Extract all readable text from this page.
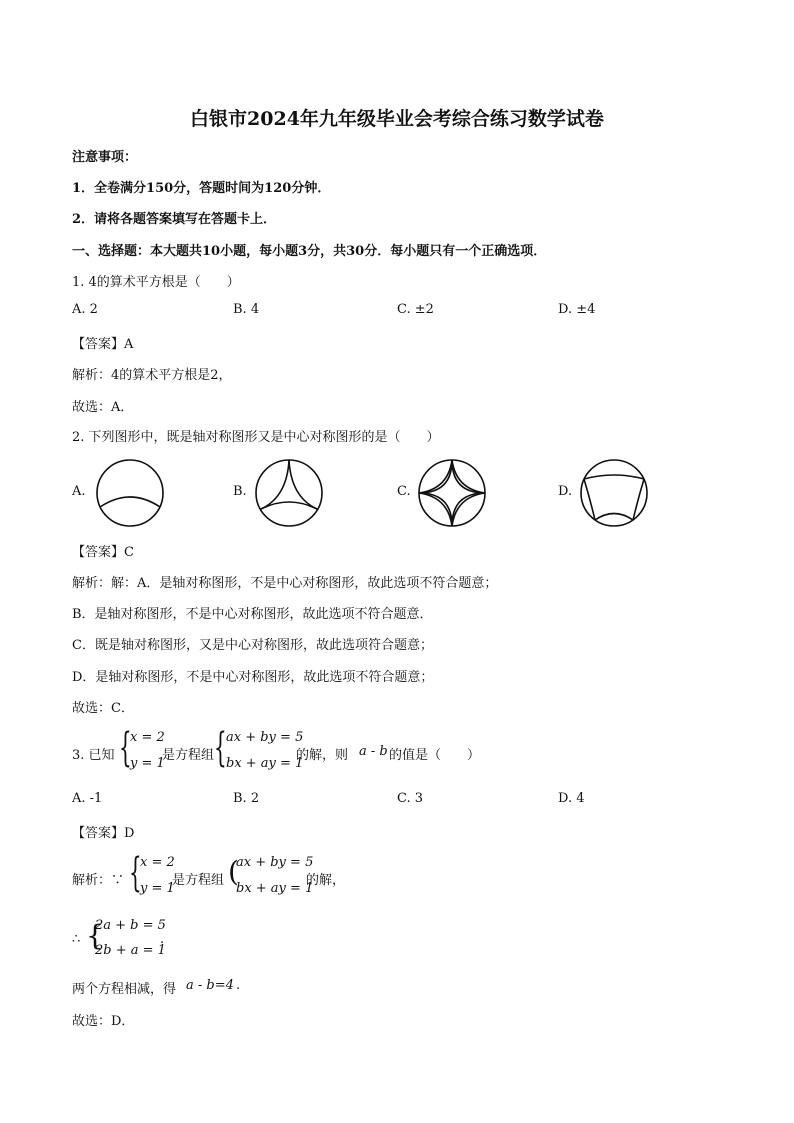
白银市2024年九年级毕业会考综合练习数学试卷
注意事项：
1．全卷满分150分，答题时间为120分钟．
2．请将各题答案填写在答题卡上．
一、选择题：本大题共10小题，每小题3分，共30分．每小题只有一个正确选项．
1. 4的算术平方根是（　　）
A. 2	B. 4	C. ±2	D. ±4
【答案】A
解析：4的算术平方根是2，
故选：A．
2. 下列图形中，既是轴对称图形又是中心对称图形的是（　　）
A.	B.	C.	D.
【答案】C
解析：解：A．是轴对称图形，不是中心对称图形，故此选项不符合题意；
B．是轴对称图形，不是中心对称图形，故此选项不符合题意．
C．既是轴对称图形，又是中心对称图形，故此选项符合题意；
D．是轴对称图形，不是中心对称图形，故此选项不符合题意；
故选：C．
3. 已知 {
x = 2
y = 1
是方程组 { ax + by = 5
bx + ay = 1
的解，则 a - b 的值是（　　）
A. -1	B. 2	C. 3	D. 4
【答案】D
解析：∵ {
x = 2
y = 1
是方程组 (
ax + by = 5
bx + ay = 1
的解，
∴ {
2a + b = 5
2b + a = 1
.
两个方程相减，得 a - b=4 .
故选：D．
